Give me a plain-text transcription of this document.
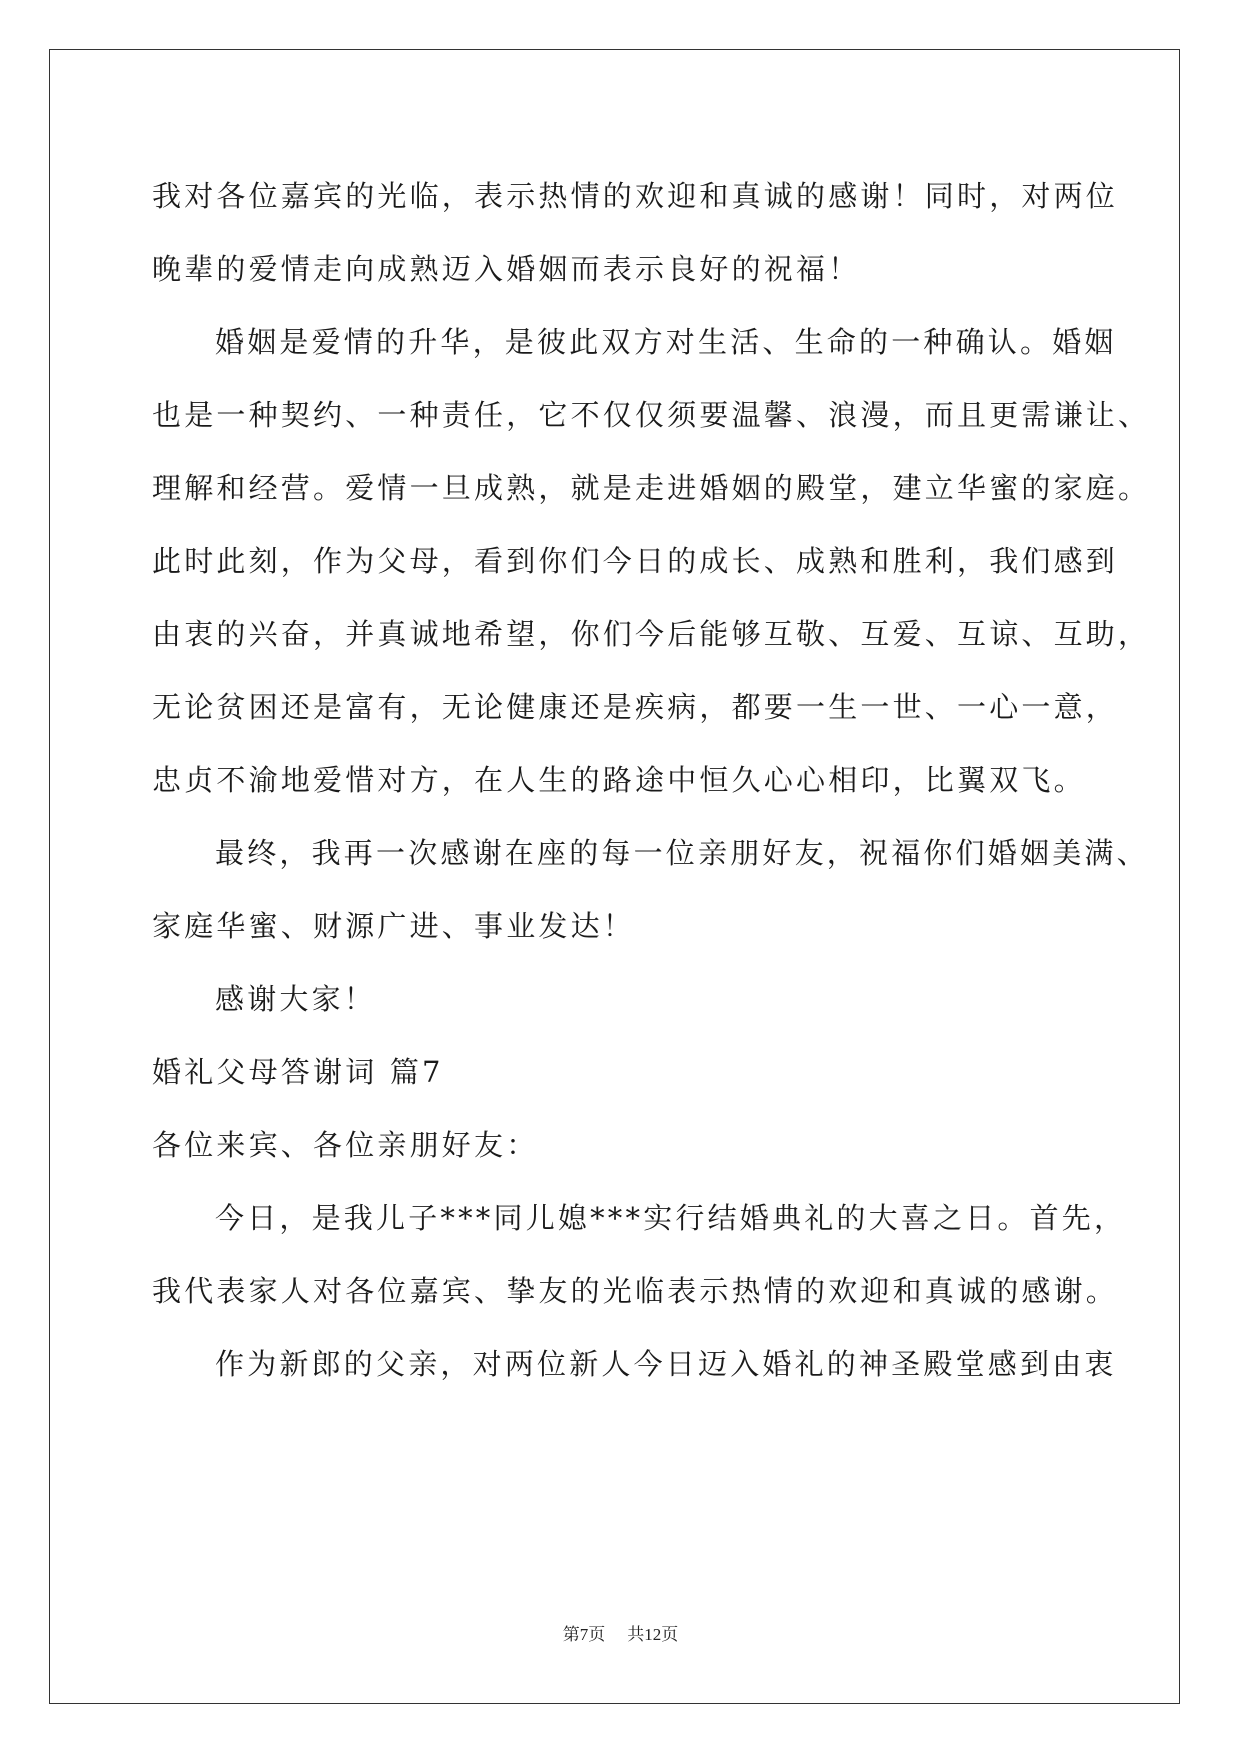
我对各位嘉宾的光临，表示热情的欢迎和真诚的感谢！同时，对两位
晚辈的爱情走向成熟迈入婚姻而表示良好的祝福！
婚姻是爱情的升华，是彼此双方对生活、生命的一种确认。婚姻
也是一种契约、一种责任，它不仅仅须要温馨、浪漫，而且更需谦让、
理解和经营。爱情一旦成熟，就是走进婚姻的殿堂，建立华蜜的家庭。
此时此刻，作为父母，看到你们今日的成长、成熟和胜利，我们感到
由衷的兴奋，并真诚地希望，你们今后能够互敬、互爱、互谅、互助，
无论贫困还是富有，无论健康还是疾病，都要一生一世、一心一意，
忠贞不渝地爱惜对方，在人生的路途中恒久心心相印，比翼双飞。
最终，我再一次感谢在座的每一位亲朋好友，祝福你们婚姻美满、
家庭华蜜、财源广进、事业发达！
感谢大家！
婚礼父母答谢词 篇7
各位来宾、各位亲朋好友：
今日，是我儿子***同儿媳***实行结婚典礼的大喜之日。首先，
我代表家人对各位嘉宾、挚友的光临表示热情的欢迎和真诚的感谢。
作为新郎的父亲，对两位新人今日迈入婚礼的神圣殿堂感到由衷
第7页 共12页
